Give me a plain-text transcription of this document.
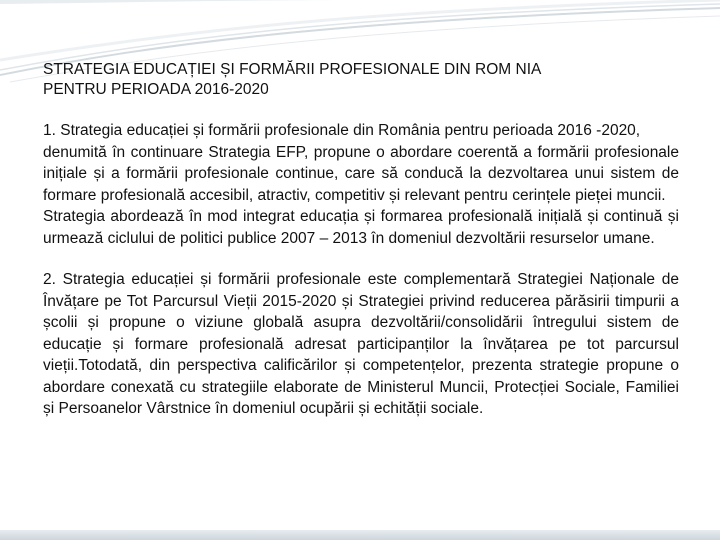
STRATEGIA EDUCAȚIEI ȘI FORMĂRII PROFESIONALE DIN ROM NIA
PENTRU PERIOADA 2016-2020

1. Strategia educației și formării profesionale din România pentru perioada 2016 -2020,

denumită în continuare Strategia EFP, propune o abordare coerentă a formării profesionale inițiale și a formării profesionale continue, care să conducă la dezvoltarea unui sistem de formare profesională accesibil, atractiv, competitiv și relevant pentru cerințele pieței muncii.

Strategia abordează în mod integrat educația și formarea profesională inițială și continuă și urmează ciclului de politici publice 2007 – 2013 în domeniul dezvoltării resurselor umane.

2. Strategia educației și formării profesionale este complementară Strategiei Naționale de Învățare pe Tot Parcursul Vieții 2015-2020 și Strategiei privind reducerea părăsirii timpurii a școlii și propune o viziune globală asupra dezvoltării/consolidării întregului sistem de educație și formare profesională adresat participanților la învățarea pe tot parcursul vieții.Totodată, din perspectiva calificărilor și competențelor, prezenta strategie propune o abordare conexată cu strategiile elaborate de Ministerul Muncii, Protecției Sociale, Familiei și Persoanelor Vârstnice în domeniul ocupării și echității sociale.
